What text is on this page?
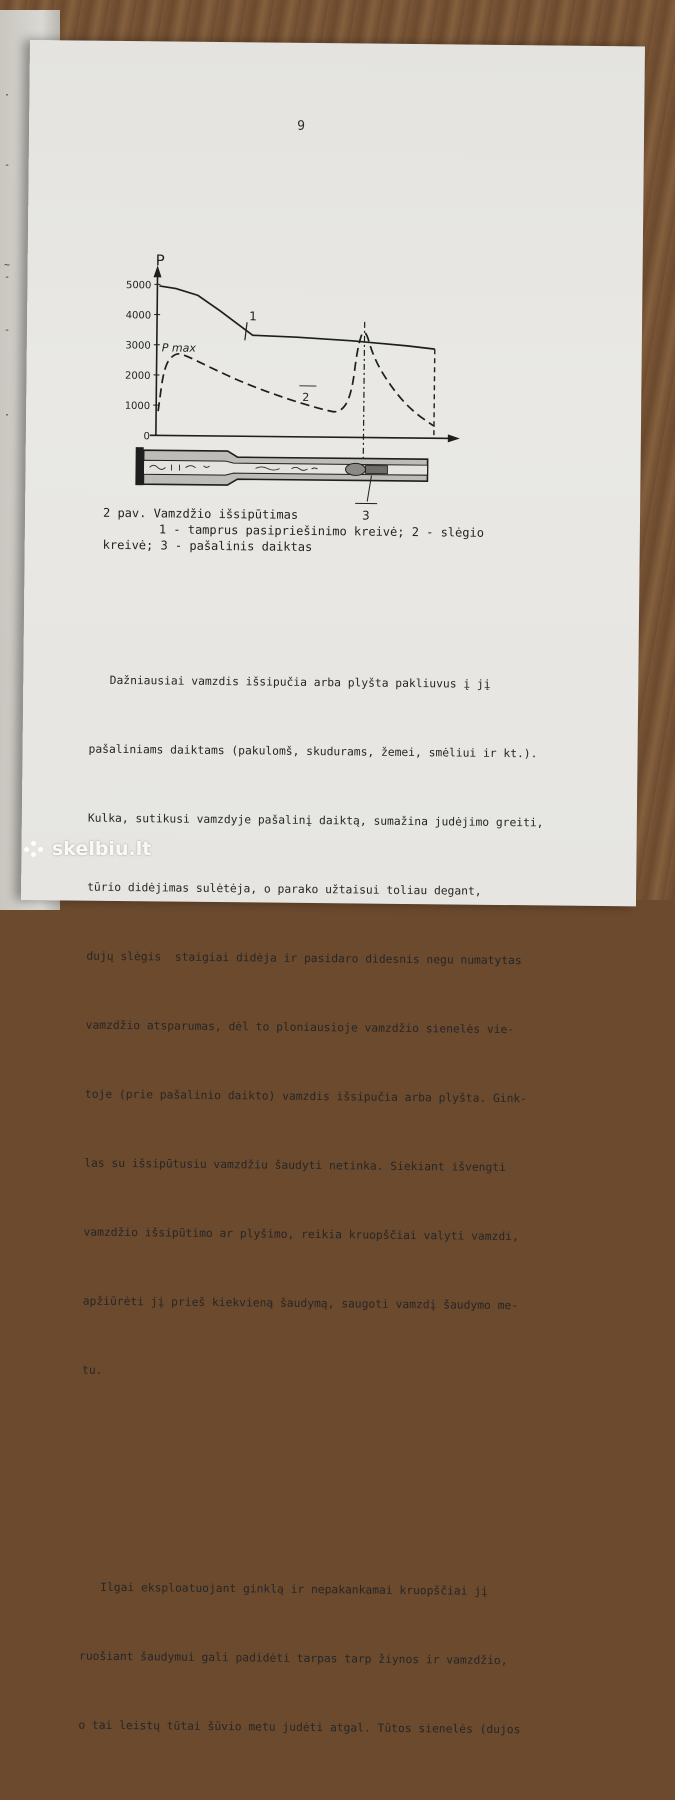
·
-
~
-
-
·
9
P
5000
4000
3000
2000
1000
0
1
P max
2
3
2 pav. Vamzdžio išsipūtimas
1 - tamprus pasipriešinimo kreivė; 2 - slėgio
kreivė; 3 - pašalinis daiktas

Dažniausiai vamzdis išsipučia arba plyšta pakliuvus į jį

pašaliniams daiktams (pakulomš, skudurams, žemei, smėliui ir kt.).

Kulka, sutikusi vamzdyje pašalinį daiktą, sumažina judėjimo greiti,

tūrio didėjimas sulėtėja, o parako užtaisui toliau degant,

dujų slėgis  staigiai didėja ir pasidaro didesnis negu numatytas

vamzdžio atsparumas, dėl to ploniausioje vamzdžio sienelės vie-

toje (prie pašalinio daikto) vamzdis išsipučia arba plyšta. Gink-

las su išsipūtusiu vamzdžiu šaudyti netinka. Siekiant išvengti

vamzdžio išsipūtimo ar plyšimo, reikia kruopščiai valyti vamzdi,

apžiūrėti jį prieš kiekvieną šaudymą, saugoti vamzdį šaudymo me-

tu.

Ilgai eksploatuojant ginklą ir nepakankamai kruopščiai jį

ruošiant šaudymui gali padidėti tarpas tarp žiynos ir vamzdžio,

o tai leistų tūtai šūvio metu judėti atgal. Tūtos sienelės (dujos

skelbiu.lt
